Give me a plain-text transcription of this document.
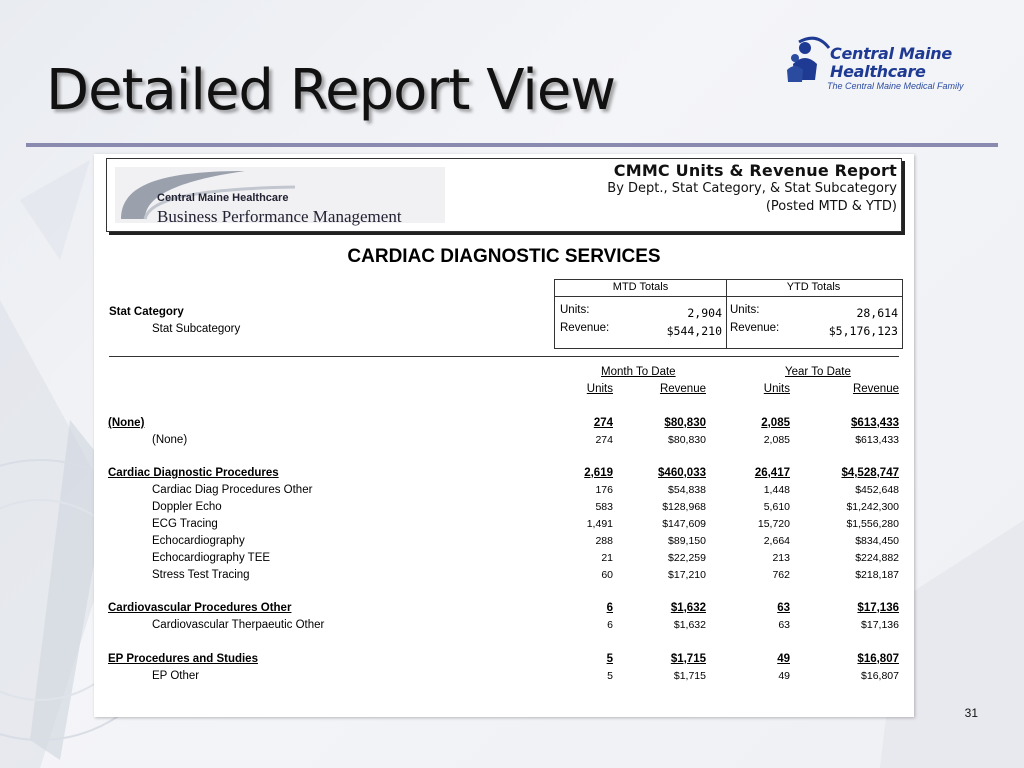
Detailed Report View
Central Maine
Healthcare
The Central Maine Medical Family
Central Maine Healthcare
Business Performance Management
CMMC Units & Revenue Report
By Dept., Stat Category, & Stat Subcategory
(Posted MTD & YTD)
CARDIAC DIAGNOSTIC SERVICES
MTD Totals
Units:	2,904
Revenue:	$544,210
YTD Totals
Units:	28,614
Revenue:	$5,176,123
Stat Category
Stat Subcategory
Month To Date	Year To Date
Units	Revenue	Units	Revenue
(None)	274	$80,830	2,085	$613,433
(None)	274	$80,830	2,085	$613,433
Cardiac Diagnostic Procedures	2,619	$460,033	26,417	$4,528,747
Cardiac Diag Procedures Other	176	$54,838	1,448	$452,648
Doppler Echo	583	$128,968	5,610	$1,242,300
ECG Tracing	1,491	$147,609	15,720	$1,556,280
Echocardiography	288	$89,150	2,664	$834,450
Echocardiography TEE	21	$22,259	213	$224,882
Stress Test Tracing	60	$17,210	762	$218,187
Cardiovascular Procedures Other	6	$1,632	63	$17,136
Cardiovascular Therpaeutic Other	6	$1,632	63	$17,136
EP Procedures and Studies	5	$1,715	49	$16,807
EP Other	5	$1,715	49	$16,807
31
